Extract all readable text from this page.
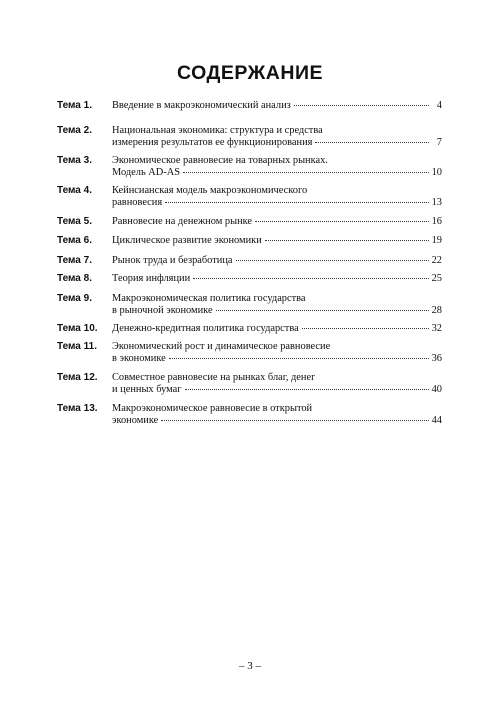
СОДЕРЖАНИЕ
Тема 1.	Введение в макроэкономический анализ	4
Тема 2.	Национальная экономика: структура и средства
измерения результатов ее функционирования	7
Тема 3.	Экономическое равновесие на товарных рынках.
Модель AD-AS	10
Тема 4.	Кейнсианская модель макроэкономического
равновесия	13
Тема 5.	Равновесие на денежном рынке	16
Тема 6.	Циклическое развитие экономики	19
Тема 7.	Рынок труда и безработица	22
Тема 8.	Теория инфляции	25
Тема 9.	Макроэкономическая политика государства
в рыночной экономике	28
Тема 10.	Денежно-кредитная политика государства	32
Тема 11.	Экономический рост и динамическое равновесие
в экономике	36
Тема 12.	Совместное равновесие на рынках благ, денег
и ценных бумаг	40
Тема 13.	Макроэкономическое равновесие в открытой
экономике	44
– 3 –
